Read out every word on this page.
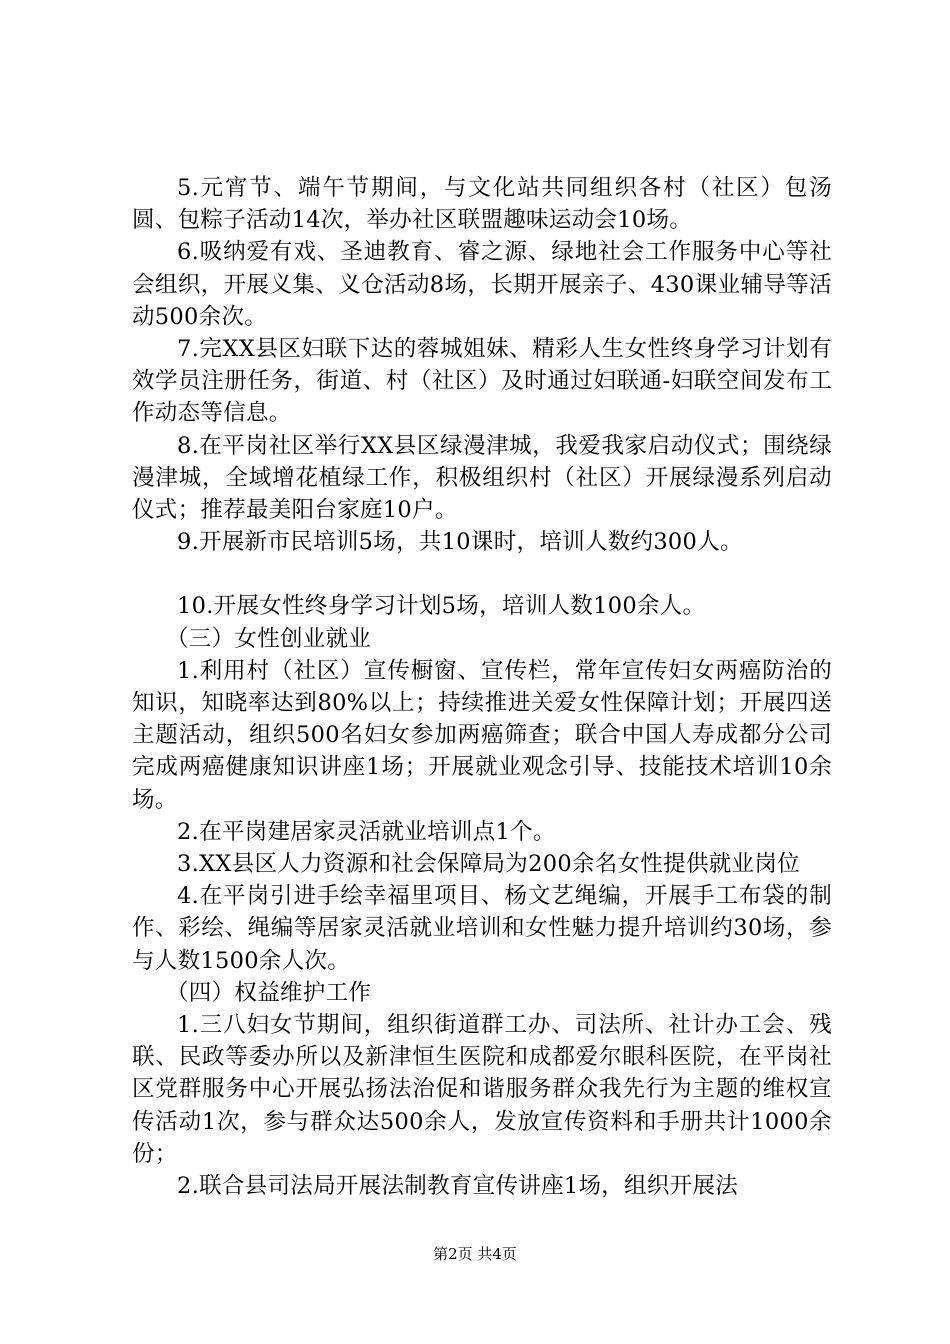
5.元宵节、端午节期间，与文化站共同组织各村（社区）包汤圆、包粽子活动14次，举办社区联盟趣味运动会10场。

6.吸纳爱有戏、圣迪教育、睿之源、绿地社会工作服务中心等社会组织，开展义集、义仓活动8场，长期开展亲子、430课业辅导等活动500余次。

7.完XX县区妇联下达的蓉城姐妹、精彩人生女性终身学习计划有效学员注册任务，街道、村（社区）及时通过妇联通-妇联空间发布工作动态等信息。

8.在平岗社区举行XX县区绿漫津城，我爱我家启动仪式；围绕绿漫津城，全域增花植绿工作，积极组织村（社区）开展绿漫系列启动仪式；推荐最美阳台家庭10户。

9.开展新市民培训5场，共10课时，培训人数约300人。

10.开展女性终身学习计划5场，培训人数100余人。

（三）女性创业就业

1.利用村（社区）宣传橱窗、宣传栏，常年宣传妇女两癌防治的知识，知晓率达到80%以上；持续推进关爱女性保障计划；开展四送主题活动，组织500名妇女参加两癌筛查；联合中国人寿成都分公司完成两癌健康知识讲座1场；开展就业观念引导、技能技术培训10余场。

2.在平岗建居家灵活就业培训点1个。

3.XX县区人力资源和社会保障局为200余名女性提供就业岗位

4.在平岗引进手绘幸福里项目、杨文艺绳编，开展手工布袋的制作、彩绘、绳编等居家灵活就业培训和女性魅力提升培训约30场，参与人数1500余人次。

（四）权益维护工作

1.三八妇女节期间，组织街道群工办、司法所、社计办工会、残联、民政等委办所以及新津恒生医院和成都爱尔眼科医院，在平岗社区党群服务中心开展弘扬法治促和谐服务群众我先行为主题的维权宣传活动1次，参与群众达500余人，发放宣传资料和手册共计1000余份；

2.联合县司法局开展法制教育宣传讲座1场，组织开展法

第2页 共4页
